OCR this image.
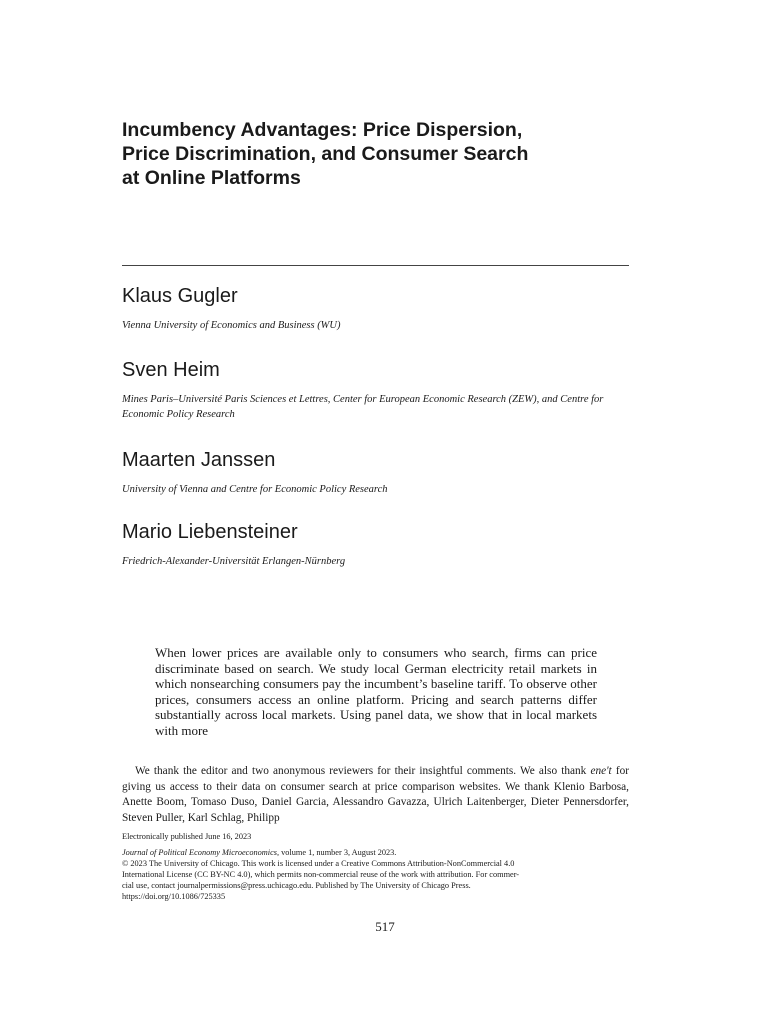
Incumbency Advantages: Price Dispersion,
Price Discrimination, and Consumer Search
at Online Platforms
Klaus Gugler
Vienna University of Economics and Business (WU)
Sven Heim
Mines Paris–Université Paris Sciences et Lettres, Center for European Economic Research (ZEW), and Centre for Economic Policy Research
Maarten Janssen
University of Vienna and Centre for Economic Policy Research
Mario Liebensteiner
Friedrich-Alexander-Universität Erlangen-Nürnberg

When lower prices are available only to consumers who search, firms can price discriminate based on search. We study local German electricity retail markets in which nonsearching consumers pay the incumbent’s baseline tariff. To observe other prices, consumers access an online platform. Pricing and search patterns differ substantially across local markets. Using panel data, we show that in local markets with more

We thank the editor and two anonymous reviewers for their insightful comments. We also thank ene't for giving us access to their data on consumer search at price comparison websites. We thank Klenio Barbosa, Anette Boom, Tomaso Duso, Daniel Garcia, Alessandro Gavazza, Ulrich Laitenberger, Dieter Pennersdorfer, Steven Puller, Karl Schlag, Philipp

Electronically published June 16, 2023
Journal of Political Economy Microeconomics, volume 1, number 3, August 2023.
© 2023 The University of Chicago. This work is licensed under a Creative Commons Attribution-NonCommercial 4.0
International License (CC BY-NC 4.0), which permits non-commercial reuse of the work with attribution. For commer-
cial use, contact journalpermissions@press.uchicago.edu. Published by The University of Chicago Press.
https://doi.org/10.1086/725335
517
